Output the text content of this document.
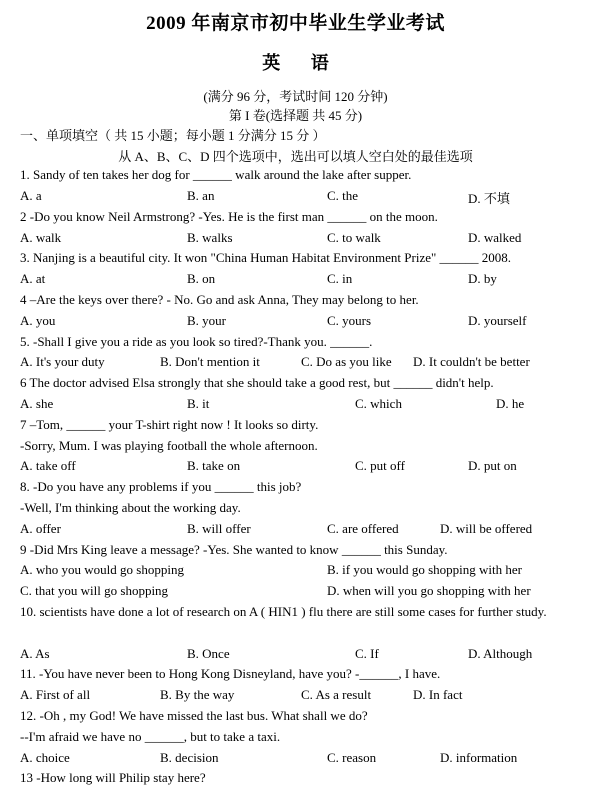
2009 年南京市初中毕业生学业考试
英 语
(满分 96 分，考试时间 120 分钟)
第 I 卷(选择题 共 45 分)
一、单项填空（ 共 15 小题；每小题 1 分满分 15 分 ）
从 A、B、C、D 四个选项中，选出可以填人空白处的最佳选项
1. Sandy of ten takes her dog for ______ walk around the lake after supper.
A. a	B. an	C. the	D. 不填
2 -Do you know Neil Armstrong? -Yes. He is the first man ______ on the moon.
A. walk	B. walks	C. to walk	D. walked
3. Nanjing is a beautiful city. It won "China Human Habitat Environment Prize" ______ 2008.
A. at	B. on	C. in	D. by
4 –Are the keys over there? - No. Go and ask Anna, They may belong to her.
A. you	B. your	C. yours	D. yourself
5. -Shall I give you a ride as you look so tired?-Thank you. ______.
A. It's your duty	B. Don't mention it	C. Do as you like D. It couldn't be better
6 The doctor advised Elsa strongly that she should take a good rest, but ______ didn't help.
A. she	B. it	C. which	D. he
7 –Tom, ______ your T-shirt right now ! It looks so dirty.
-Sorry, Mum. I was playing football the whole afternoon.
A. take off	B. take on	C. put off	D. put on
8. -Do you have any problems if you ______ this job?
-Well, I'm thinking about the working day.
A. offer	B. will offer	C. are offered	D. will be offered
9 -Did Mrs King leave a message? -Yes. She wanted to know ______ this Sunday.
A. who you would go shopping	B. if you would go shopping with her
C. that you will go shopping	D. when will you go shopping with her
10. scientists have done a lot of research on A ( HIN1 ) flu there are still some cases for further study.
A. As	B. Once	C. If	D. Although
11. -You have never been to Hong Kong Disneyland, have you? -______, I have.
A. First of all	B. By the way	C. As a result	D. In fact
12. -Oh , my God! We have missed the last bus. What shall we do?
--I'm afraid we have no ______, but to take a taxi.
A. choice	B. decision	C. reason	D. information
13 -How long will Philip stay here?
